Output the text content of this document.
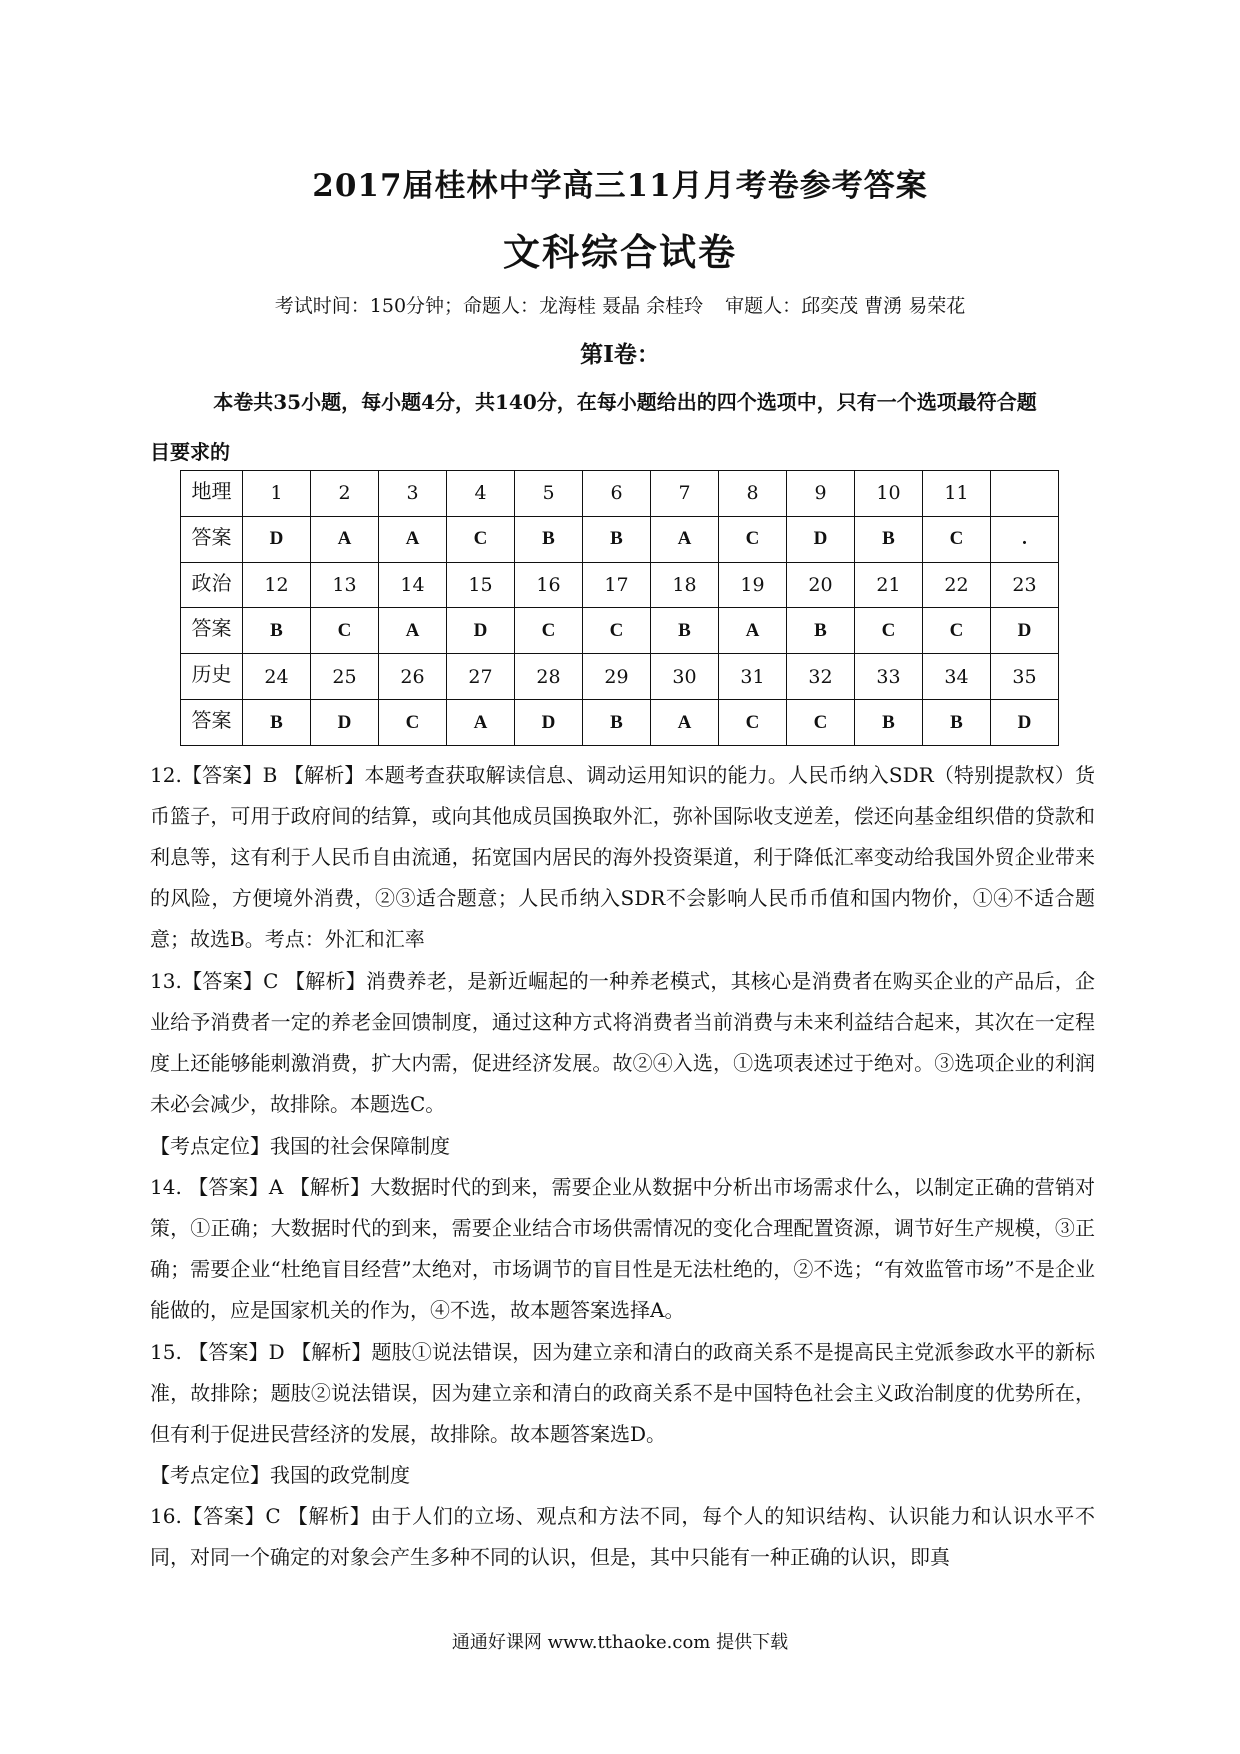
2017届桂林中学高三11月月考卷参考答案
文科综合试卷
考试时间：150分钟；命题人：龙海桂 聂晶 余桂玲 审题人：邱奕茂 曹湧 易荣花
第I卷：
本卷共35小题，每小题4分，共140分，在每小题给出的四个选项中，只有一个选项最符合题
目要求的
地理	1	2	3	4	5	6	7	8	9	10	11	
答案	D	A	A	C	B	B	A	C	D	B	C	.
政治	12	13	14	15	16	17	18	19	20	21	22	23
答案	B	C	A	D	C	C	B	A	B	C	C	D
历史	24	25	26	27	28	29	30	31	32	33	34	35
答案	B	D	C	A	D	B	A	C	C	B	B	D
12.【答案】B 【解析】本题考查获取解读信息、调动运用知识的能力。人民币纳入SDR（特别提款权）货币篮子，可用于政府间的结算，或向其他成员国换取外汇，弥补国际收支逆差，偿还向基金组织借的贷款和利息等，这有利于人民币自由流通，拓宽国内居民的海外投资渠道，利于降低汇率变动给我国外贸企业带来的风险，方便境外消费，②③适合题意；人民币纳入SDR不会影响人民币币值和国内物价，①④不适合题意；故选B。考点：外汇和汇率
13.【答案】C 【解析】消费养老，是新近崛起的一种养老模式，其核心是消费者在购买企业的产品后，企业给予消费者一定的养老金回馈制度，通过这种方式将消费者当前消费与未来利益结合起来，其次在一定程度上还能够能刺激消费，扩大内需，促进经济发展。故②④入选，①选项表述过于绝对。③选项企业的利润未必会减少，故排除。本题选C。
【考点定位】我国的社会保障制度
14. 【答案】A 【解析】大数据时代的到来，需要企业从数据中分析出市场需求什么，以制定正确的营销对策，①正确；大数据时代的到来，需要企业结合市场供需情况的变化合理配置资源，调节好生产规模，③正确；需要企业“杜绝盲目经营”太绝对，市场调节的盲目性是无法杜绝的，②不选；“有效监管市场”不是企业能做的，应是国家机关的作为，④不选，故本题答案选择A。
15. 【答案】D 【解析】题肢①说法错误，因为建立亲和清白的政商关系不是提高民主党派参政水平的新标准，故排除；题肢②说法错误，因为建立亲和清白的政商关系不是中国特色社会主义政治制度的优势所在，但有利于促进民营经济的发展，故排除。故本题答案选D。
【考点定位】我国的政党制度
16.【答案】C 【解析】由于人们的立场、观点和方法不同，每个人的知识结构、认识能力和认识水平不同，对同一个确定的对象会产生多种不同的认识，但是，其中只能有一种正确的认识，即真
通通好课网 www.tthaoke.com 提供下载
